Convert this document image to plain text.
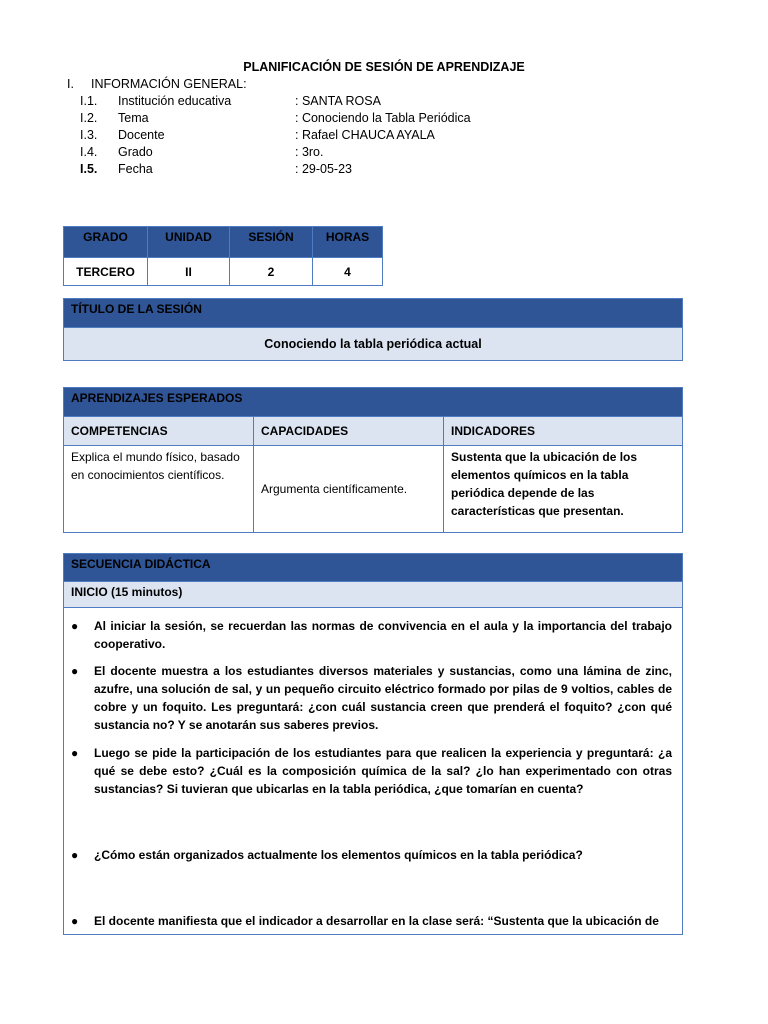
PLANIFICACIÓN DE SESIÓN DE APRENDIZAJE
I. INFORMACIÓN GENERAL:
I.1. Institución educativa	: SANTA ROSA
I.2. Tema	: Conociendo la Tabla Periódica
I.3. Docente	: Rafael CHAUCA AYALA
I.4. Grado	: 3ro.
I.5. Fecha	: 29-05-23
GRADO	UNIDAD	SESIÓN	HORAS
TERCERO	II	2	4
TÍTULO DE LA SESIÓN
Conociendo la tabla periódica actual
APRENDIZAJES ESPERADOS
COMPETENCIAS	CAPACIDADES	INDICADORES
Explica el mundo físico, basado en conocimientos científicos.	Argumenta científicamente.	Sustenta que la ubicación de los elementos químicos en la tabla periódica depende de las características que presentan.
SECUENCIA DIDÁCTICA
INICIO (15 minutos)
● Al iniciar la sesión, se recuerdan las normas de convivencia en el aula y la importancia del trabajo cooperativo.
● El docente muestra a los estudiantes diversos materiales y sustancias, como una lámina de zinc, azufre, una solución de sal, y un pequeño circuito eléctrico formado por pilas de 9 voltios, cables de cobre y un foquito. Les preguntará: ¿con cuál sustancia creen que prenderá el foquito? ¿con qué sustancia no? Y se anotarán sus saberes previos.
● Luego se pide la participación de los estudiantes para que realicen la experiencia y preguntará: ¿a qué se debe esto? ¿Cuál es la composición química de la sal? ¿lo han experimentado con otras sustancias? Si tuvieran que ubicarlas en la tabla periódica, ¿que tomarían en cuenta?
● ¿Cómo están organizados actualmente los elementos químicos en la tabla periódica?
● El docente manifiesta que el indicador a desarrollar en la clase será: “Sustenta que la ubicación de
